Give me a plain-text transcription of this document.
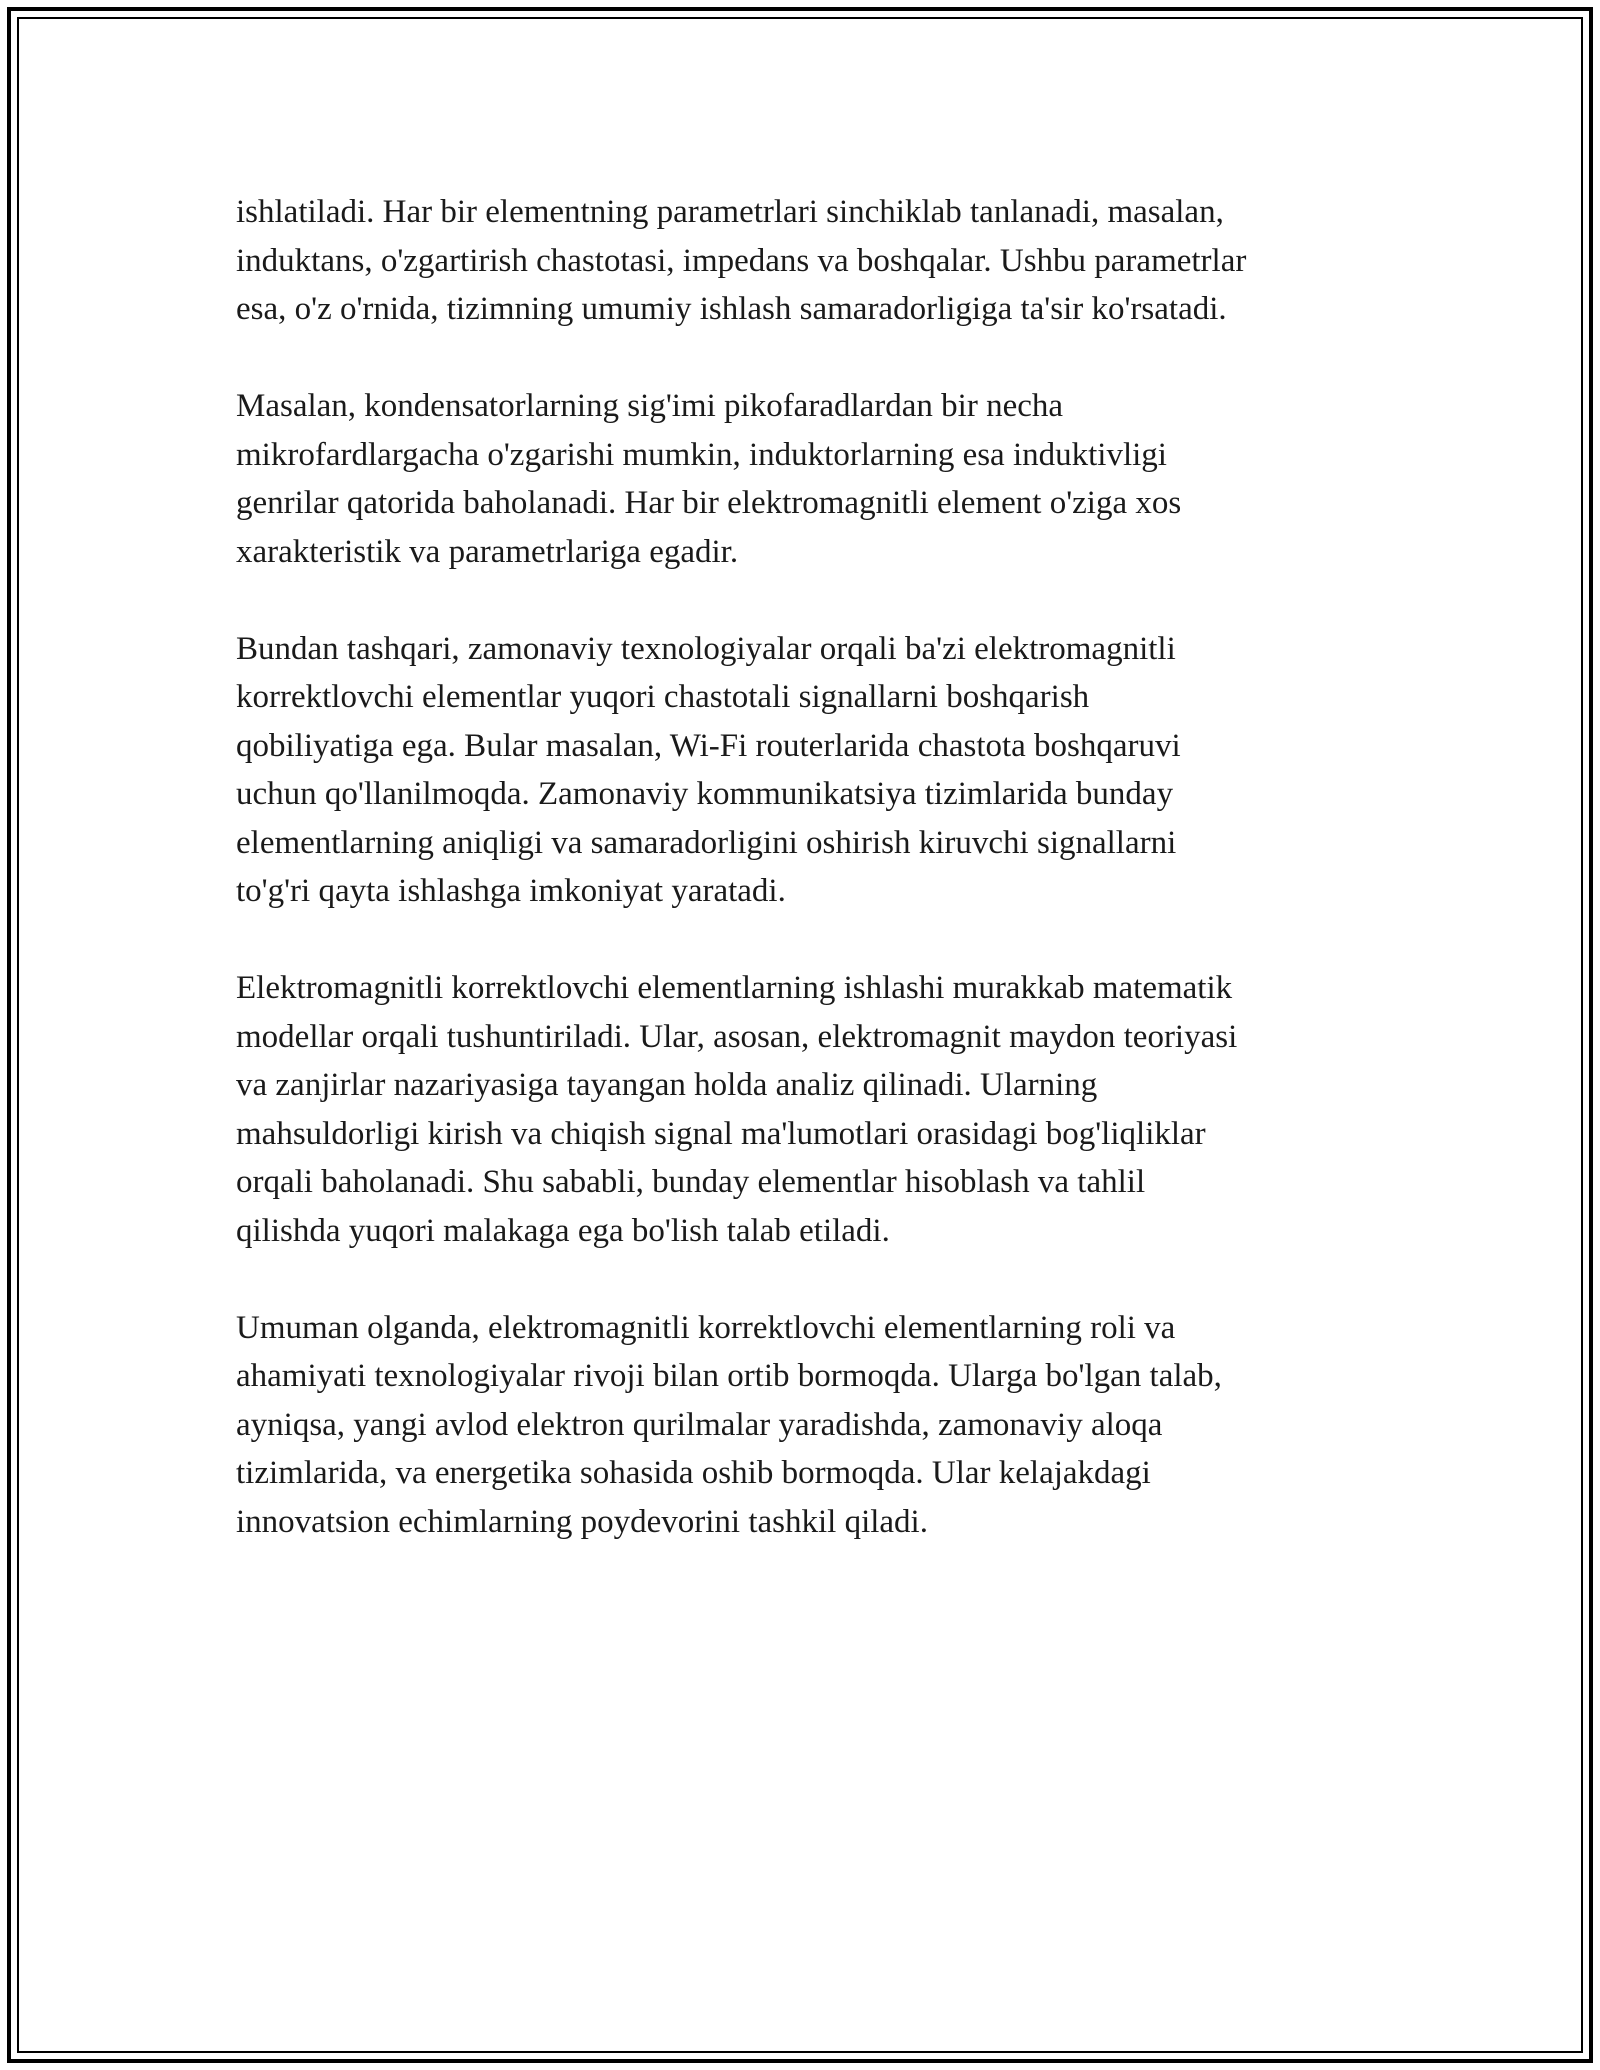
ishlatiladi. Har bir elementning parametrlari sinchiklab tanlanadi, masalan,
induktans, o'zgartirish chastotasi, impedans va boshqalar. Ushbu parametrlar
esa, o'z o'rnida, tizimning umumiy ishlash samaradorligiga ta'sir ko'rsatadi.

Masalan, kondensatorlarning sig'imi pikofaradlardan bir necha
mikrofardlargacha o'zgarishi mumkin, induktorlarning esa induktivligi
genrilar qatorida baholanadi. Har bir elektromagnitli element o'ziga xos
xarakteristik va parametrlariga egadir.

Bundan tashqari, zamonaviy texnologiyalar orqali ba'zi elektromagnitli
korrektlovchi elementlar yuqori chastotali signallarni boshqarish
qobiliyatiga ega. Bular masalan, Wi-Fi routerlarida chastota boshqaruvi
uchun qo'llanilmoqda. Zamonaviy kommunikatsiya tizimlarida bunday
elementlarning aniqligi va samaradorligini oshirish kiruvchi signallarni
to'g'ri qayta ishlashga imkoniyat yaratadi.

Elektromagnitli korrektlovchi elementlarning ishlashi murakkab matematik
modellar orqali tushuntiriladi. Ular, asosan, elektromagnit maydon teoriyasi
va zanjirlar nazariyasiga tayangan holda analiz qilinadi. Ularning
mahsuldorligi kirish va chiqish signal ma'lumotlari orasidagi bog'liqliklar
orqali baholanadi. Shu sababli, bunday elementlar hisoblash va tahlil
qilishda yuqori malakaga ega bo'lish talab etiladi.

Umuman olganda, elektromagnitli korrektlovchi elementlarning roli va
ahamiyati texnologiyalar rivoji bilan ortib bormoqda. Ularga bo'lgan talab,
ayniqsa, yangi avlod elektron qurilmalar yaradishda, zamonaviy aloqa
tizimlarida, va energetika sohasida oshib bormoqda. Ular kelajakdagi
innovatsion echimlarning poydevorini tashkil qiladi.
